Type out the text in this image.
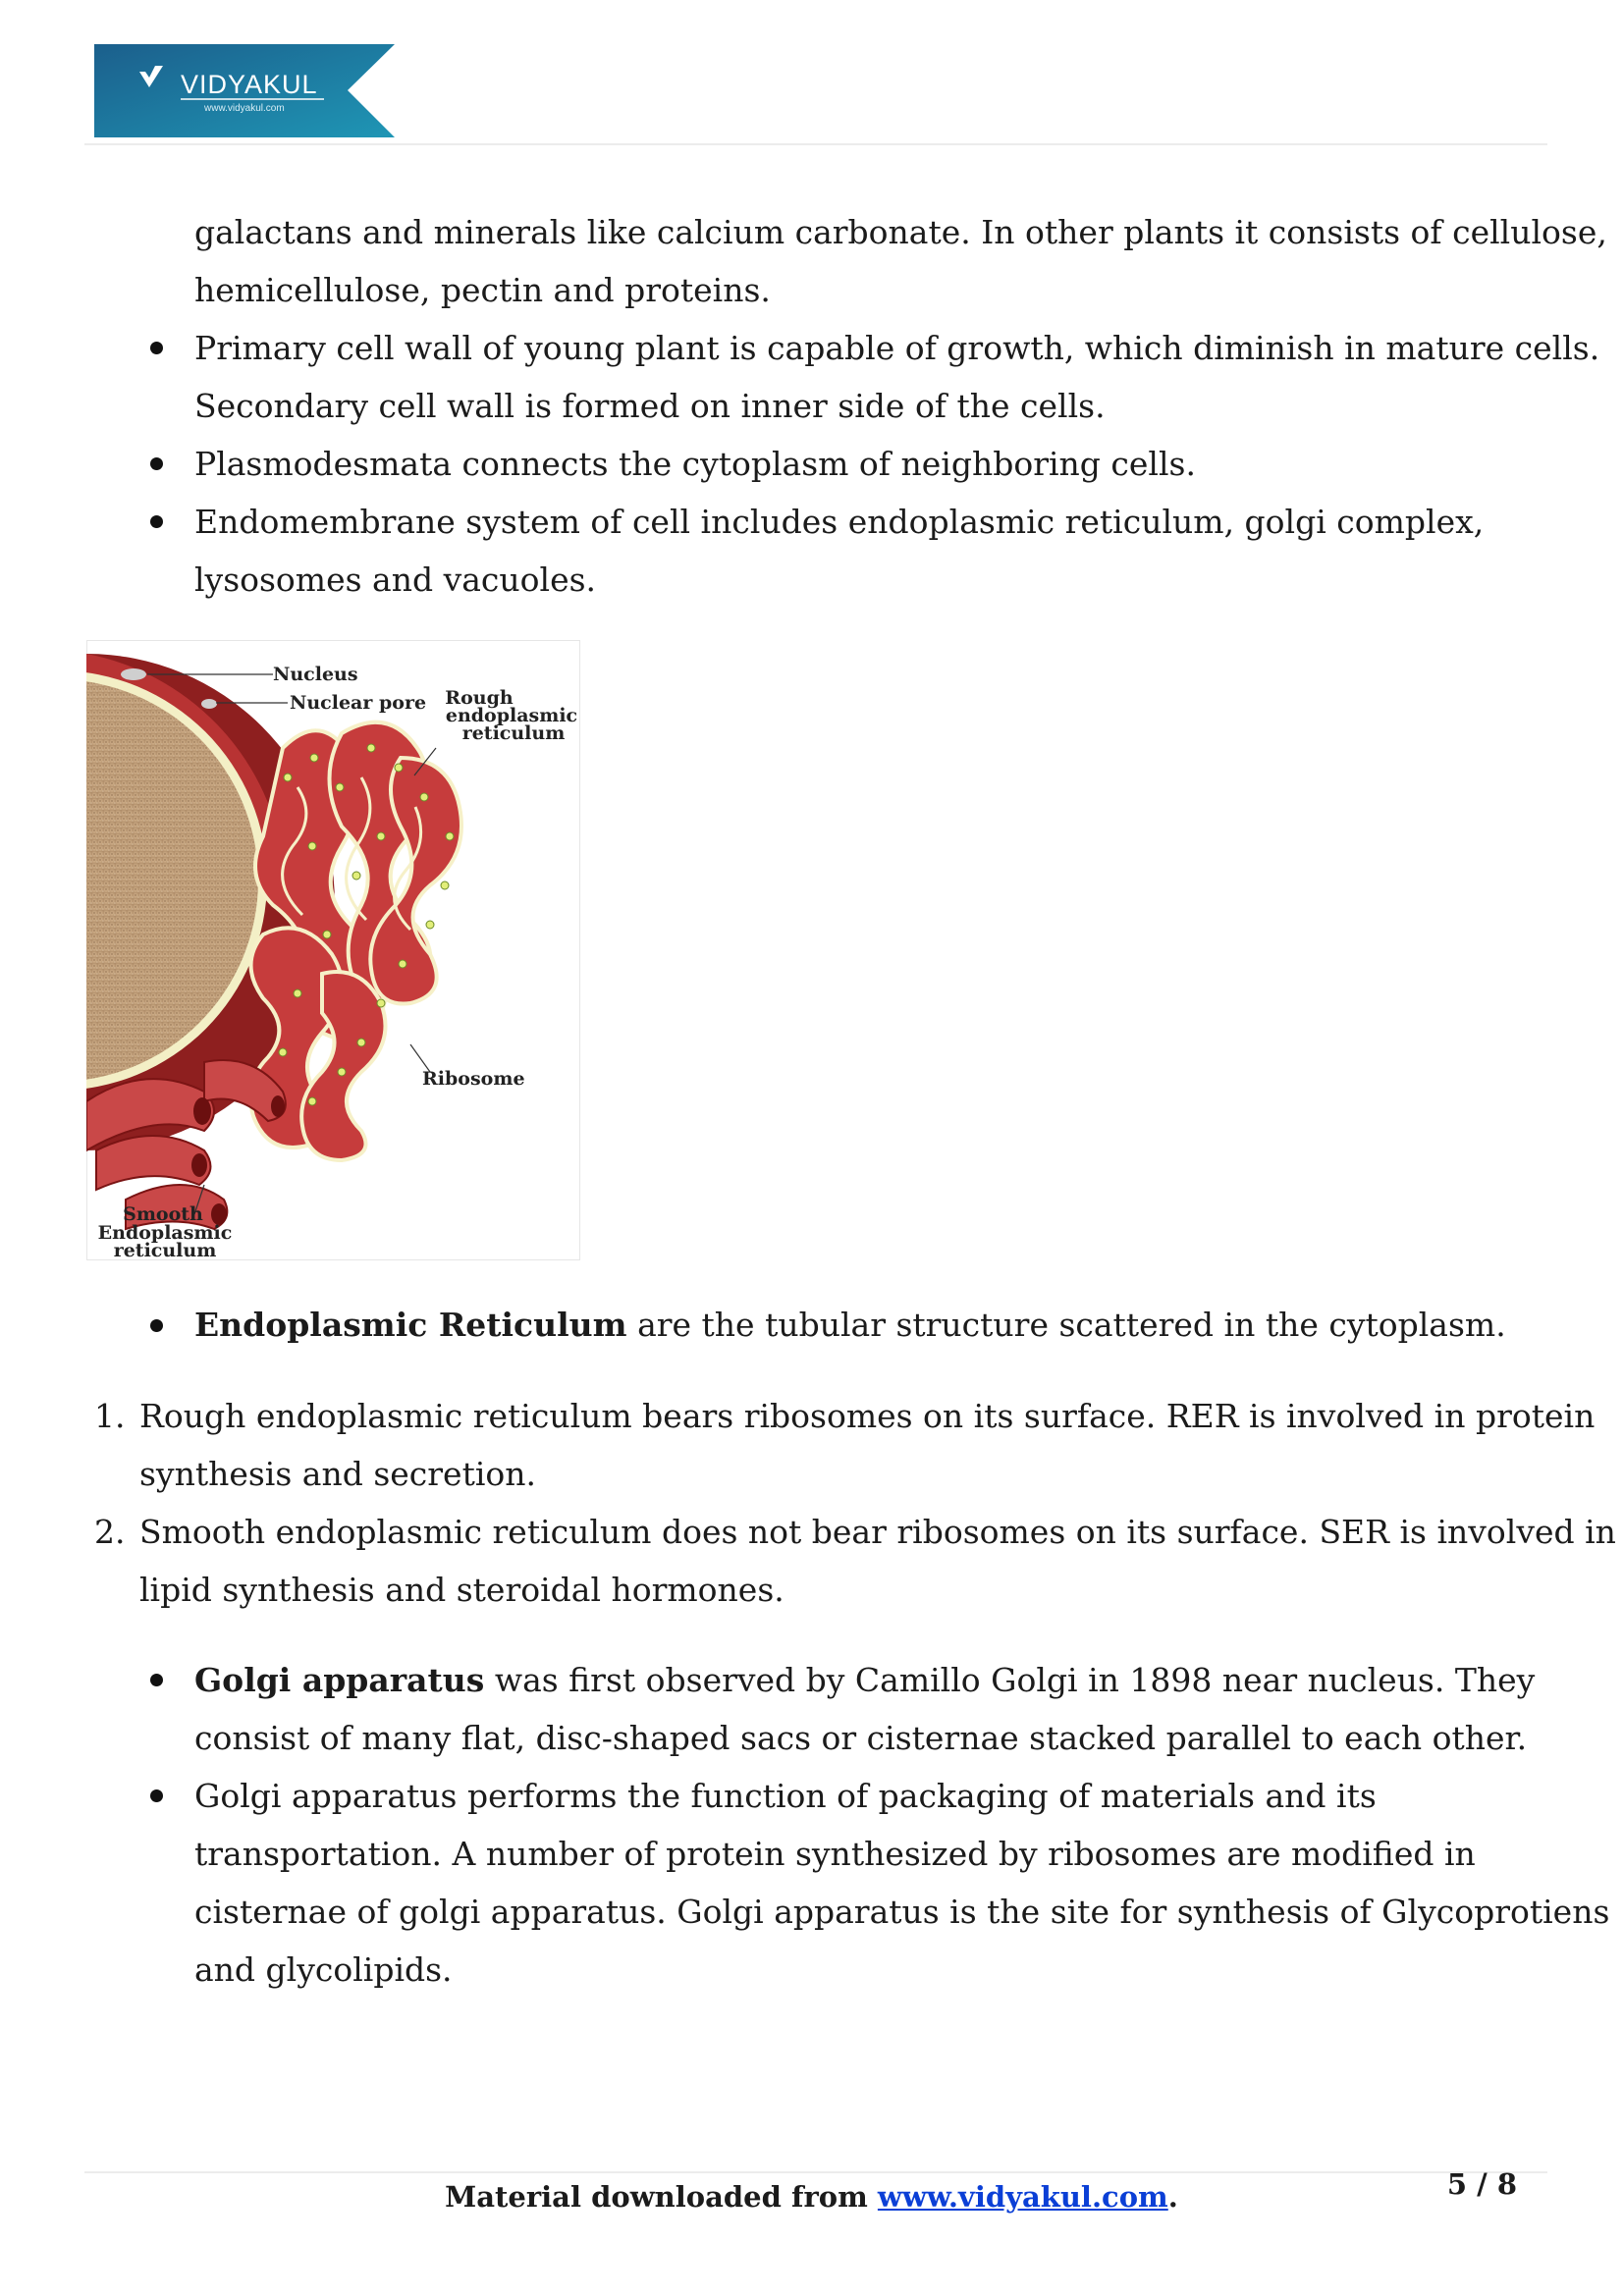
VIDYAKUL
www.vidyakul.com
galactans and minerals like calcium carbonate. In other plants it consists of cellulose,
hemicellulose, pectin and proteins.
Primary cell wall of young plant is capable of growth, which diminish in mature cells.
Secondary cell wall is formed on inner side of the cells.
Plasmodesmata connects the cytoplasm of neighboring cells.
Endomembrane system of cell includes endoplasmic reticulum, golgi complex,
lysosomes and vacuoles.
Nucleus
Nuclear pore Rough
endoplasmic
reticulum
Ribosome
Smooth
Endoplasmic
reticulum
Endoplasmic Reticulum are the tubular structure scattered in the cytoplasm.
1. Rough endoplasmic reticulum bears ribosomes on its surface. RER is involved in protein
synthesis and secretion.
2. Smooth endoplasmic reticulum does not bear ribosomes on its surface. SER is involved in
lipid synthesis and steroidal hormones.
Golgi apparatus was first observed by Camillo Golgi in 1898 near nucleus. They
consist of many flat, disc-shaped sacs or cisternae stacked parallel to each other.
Golgi apparatus performs the function of packaging of materials and its
transportation. A number of protein synthesized by ribosomes are modified in
cisternae of golgi apparatus. Golgi apparatus is the site for synthesis of Glycoprotiens
and glycolipids.
Material downloaded from www.vidyakul.com.	5 / 8
